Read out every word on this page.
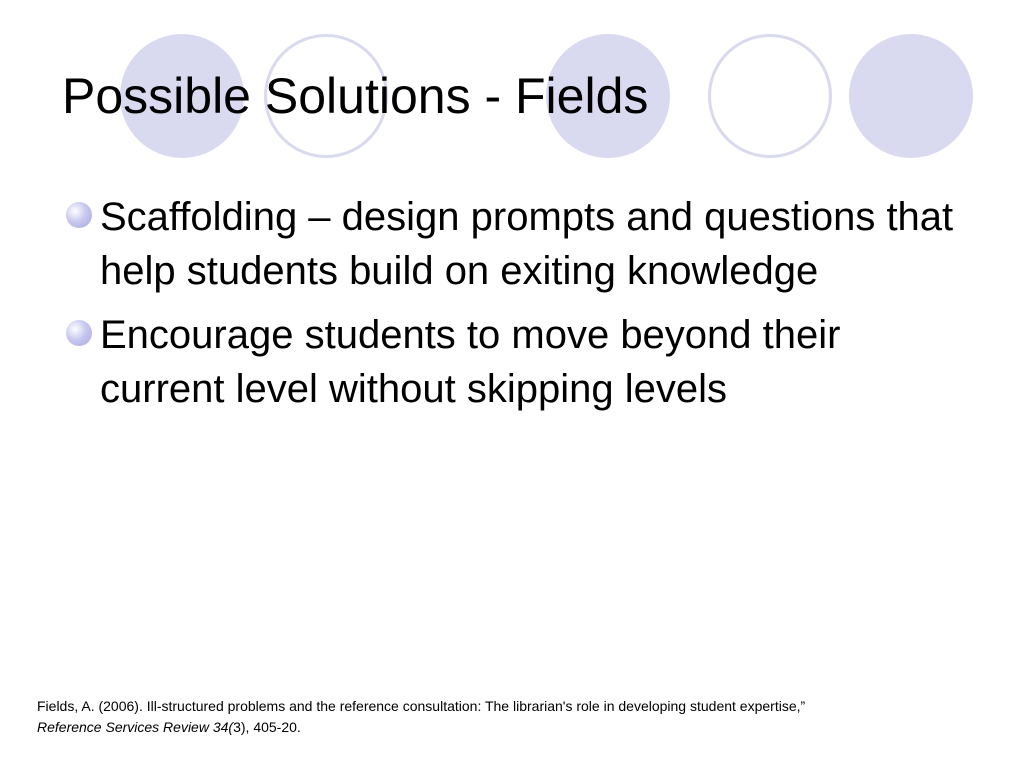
Possible Solutions - Fields
Scaffolding – design prompts and questions that help students build on exiting knowledge
Encourage students to move beyond their current level without skipping levels
Fields, A. (2006). Ill-structured problems and the reference consultation: The librarian's role in developing student expertise,”
Reference Services Review 34(3), 405-20.
